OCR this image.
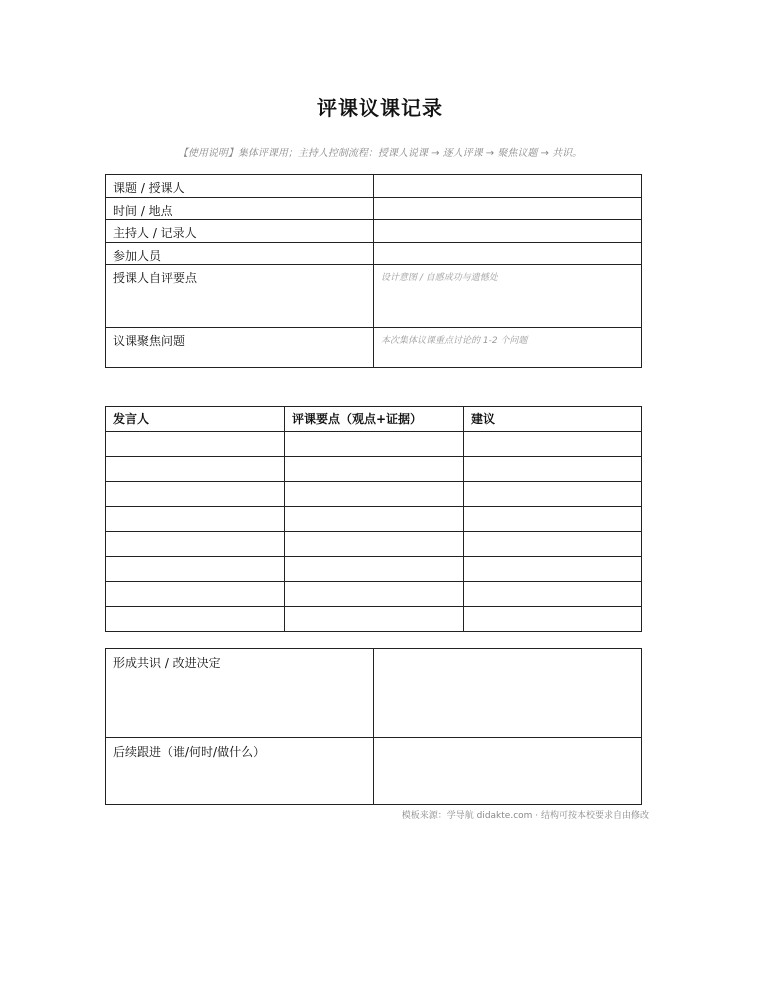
评课议课记录
【使用说明】集体评课用；主持人控制流程：授课人说课 → 逐人评课 → 聚焦议题 → 共识。
课题 / 授课人	
时间 / 地点	
主持人 / 记录人	
参加人员	
授课人自评要点	设计意图 / 自感成功与遗憾处
议课聚焦问题	本次集体议课重点讨论的 1-2 个问题
发言人	评课要点（观点+证据）	建议

形成共识 / 改进决定	
后续跟进（谁/何时/做什么）	
模板来源：学导航 didakte.com · 结构可按本校要求自由修改
